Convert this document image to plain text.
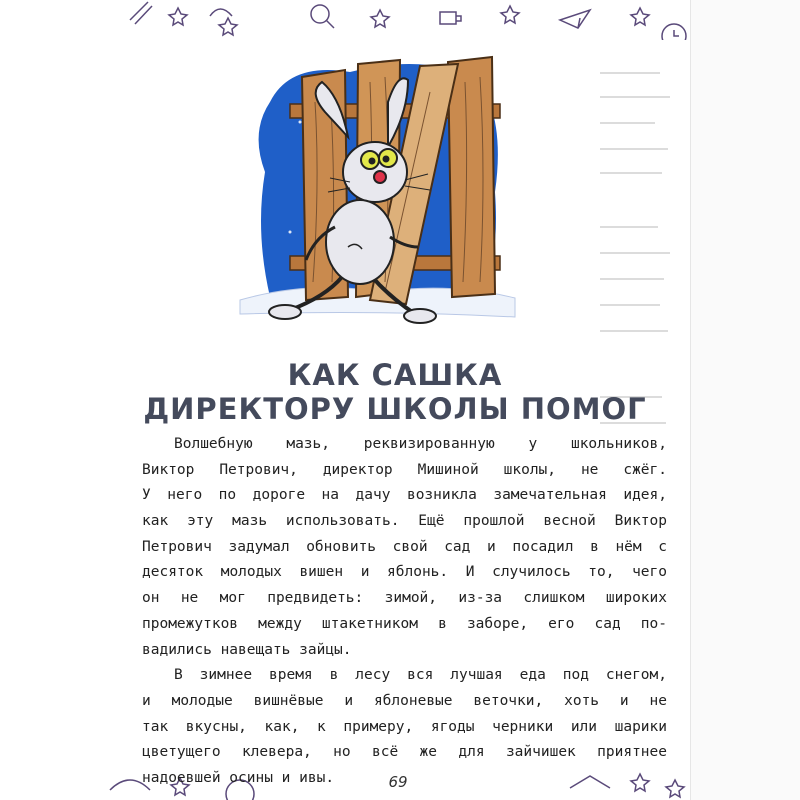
КАК САШКА
ДИРЕКТОРУ ШКОЛЫ ПОМОГ
Волшебную мазь, реквизированную у школьников,
Виктор Петрович, директор Мишиной школы, не сжёг.
У него по дороге на дачу возникла замечательная идея,
как эту мазь использовать. Ещё прошлой весной Виктор
Петрович задумал обновить свой сад и посадил в нём с
десяток молодых вишен и яблонь. И случилось то, чего
он не мог предвидеть: зимой, из-за слишком широких
промежутков между штакетником в заборе, его сад по-
вадились навещать зайцы.
В зимнее время в лесу вся лучшая еда под снегом,
и молодые вишнёвые и яблоневые веточки, хоть и не
так вкусны, как, к примеру, ягоды черники или шарики
цветущего клевера, но всё же для зайчишек приятнее
надоевшей осины и ивы.	69
